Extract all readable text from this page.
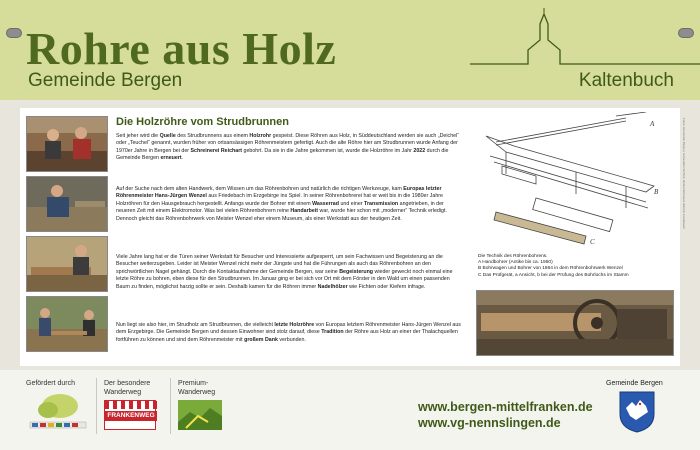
Rohre aus Holz
Gemeinde Bergen	Kaltenbuch
Die Holzröhre vom Strudbrunnen
Seit jeher wird die Quelle des Strudbrunnens aus einem Holzrohr gespeist. Diese Röhren aus Holz, in Süddeutschland werden sie auch „Deichel“ oder „Teuchel“ genannt, wurden früher von ortsansässigen Röhrenmeistern gefertigt. Auch die alte Röhre hier am Strudbrunnen wurde Anfang der 1970er Jahre in Bergen bei der Schreinerei Reichart gebohrt. Da sie in die Jahre gekommen ist, wurde die Holzröhre im Jahr 2022 durch die Gemeinde Bergen erneuert.
Auf der Suche nach dem alten Handwerk, dem Wissen um das Röhrenbohren und natürlich die richtigen Werkzeuge, kam Europas letzter Röhrenmeister Hans-Jürgen Wenzel aus Friedebach im Erzgebirge ins Spiel. In seiner Röhrenbohrerei hat er weit bis in die 1980er Jahre Holzröhren für den Hausgebrauch hergestellt. Anfangs wurde der Bohrer mit einem Wasserrad und einer Transmission angetrieben, in der neueren Zeit mit einem Elektromotor. Was bei vielen Röhrenbohrern reine Handarbeit war, wurde hier schon mit „moderner“ Technik erledigt. Dennoch gleicht das Röhrenbohrwerk von Meister Wenzel eher einem Museum, als einer Werkstatt aus der heutigen Zeit.
Viele Jahre lang hat er die Türen seiner Werkstatt für Besucher und Interessierte aufgesperrt, um sein Fachwissen und Begeisterung an die Besucher weiterzugeben. Leider ist Meister Wenzel nicht mehr der Jüngste und hat die Führungen als auch das Röhrenbohren an den sprichwörtlichen Nagel gehängt. Durch die Kontaktaufnahme der Gemeinde Bergen, war seine Begeisterung wieder geweckt noch einmal eine letzte Röhre zu bohren, eben diese für den Strudbrunnen. Im Januar ging er bei sich vor Ort mit dem Förster in den Wald um einen passenden Baum zu finden, möglichst harzig sollte er sein. Deshalb kamen für die Röhren immer Nadelhölzer wie Fichten oder Kiefern infrage.
Nun liegt sie also hier, im Strudholz am Strudbrunnen, die vielleicht letzte Holzröhre von Europas letztem Röhrenmeister Hans-Jürgen Wenzel aus dem Erzgebirge. Die Gemeinde Bergen und dessen Einwohner sind stolz darauf, diese Tradition der Röhre aus Holz an einer der Thalachquellen fortführen zu können und sind dem Röhrenmeister mit großem Dank verbunden.
A
B
C
Die Technik des Röhrenbohrens.
A Handbohrer (Antike bis ca. 1950)
B Bohrwagen und Bohrer von 1864 in dem Röhrenbohrwerk Wenzel
C Das Prüfgerät, a Ansicht, b bei der Prüfung des Bohrlochs im Stamm
Fotos: Gemeinde Bergen, Schautafel Technik, Röhrenbohrwerk Wenzel Friedebach
Gefördert durch	Der besondere
Wanderweg
FRANKENWEG
Premium-
Wanderweg
www.bergen-mittelfranken.de
www.vg-nennslingen.de
Gemeinde Bergen
